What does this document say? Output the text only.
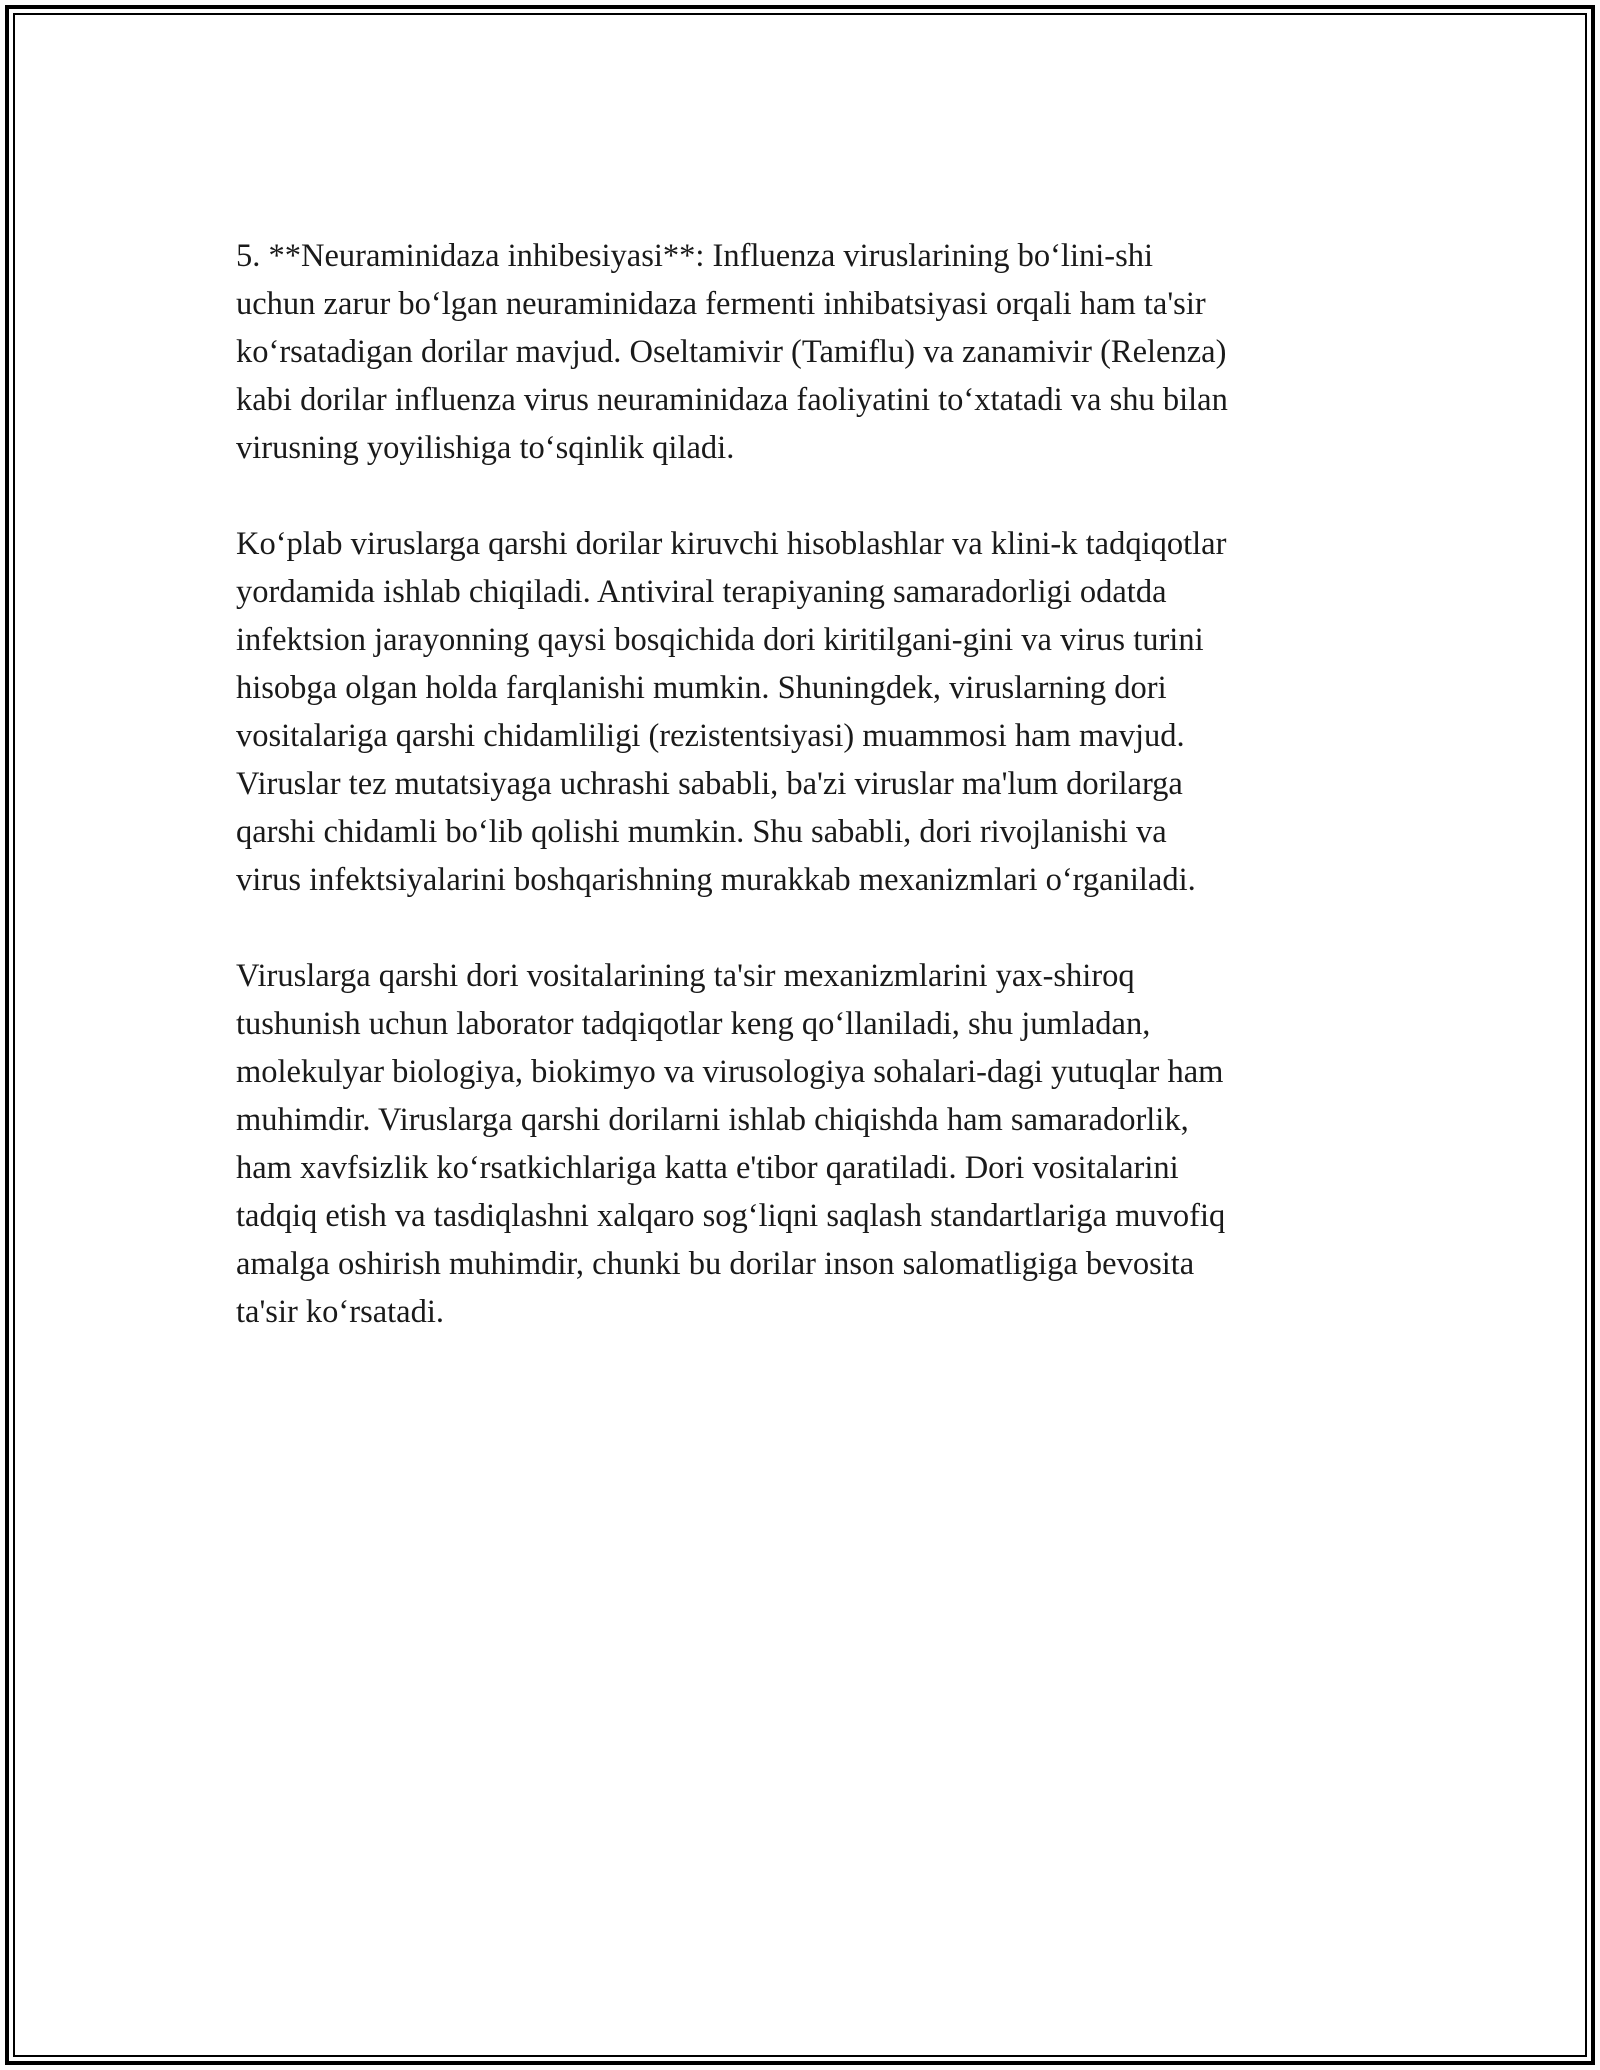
5. **Neuraminidaza inhibesiyasi**: Influenza viruslarining bo‘lini-shi
uchun zarur bo‘lgan neuraminidaza fermenti inhibatsiyasi orqali ham ta'sir
ko‘rsatadigan dorilar mavjud. Oseltamivir (Tamiflu) va zanamivir (Relenza)
kabi dorilar influenza virus neuraminidaza faoliyatini to‘xtatadi va shu bilan
virusning yoyilishiga to‘sqinlik qiladi.
Ko‘plab viruslarga qarshi dorilar kiruvchi hisoblashlar va klini-k tadqiqotlar
yordamida ishlab chiqiladi. Antiviral terapiyaning samaradorligi odatda
infektsion jarayonning qaysi bosqichida dori kiritilgani-gini va virus turini
hisobga olgan holda farqlanishi mumkin. Shuningdek, viruslarning dori
vositalariga qarshi chidamliligi (rezistentsiyasi) muammosi ham mavjud.
Viruslar tez mutatsiyaga uchrashi sababli, ba'zi viruslar ma'lum dorilarga
qarshi chidamli bo‘lib qolishi mumkin. Shu sababli, dori rivojlanishi va
virus infektsiyalarini boshqarishning murakkab mexanizmlari o‘rganiladi.
Viruslarga qarshi dori vositalarining ta'sir mexanizmlarini yax-shiroq
tushunish uchun laborator tadqiqotlar keng qo‘llaniladi, shu jumladan,
molekulyar biologiya, biokimyo va virusologiya sohalari-dagi yutuqlar ham
muhimdir. Viruslarga qarshi dorilarni ishlab chiqishda ham samaradorlik,
ham xavfsizlik ko‘rsatkichlariga katta e'tibor qaratiladi. Dori vositalarini
tadqiq etish va tasdiqlashni xalqaro sog‘liqni saqlash standartlariga muvofiq
amalga oshirish muhimdir, chunki bu dorilar inson salomatligiga bevosita
ta'sir ko‘rsatadi.
